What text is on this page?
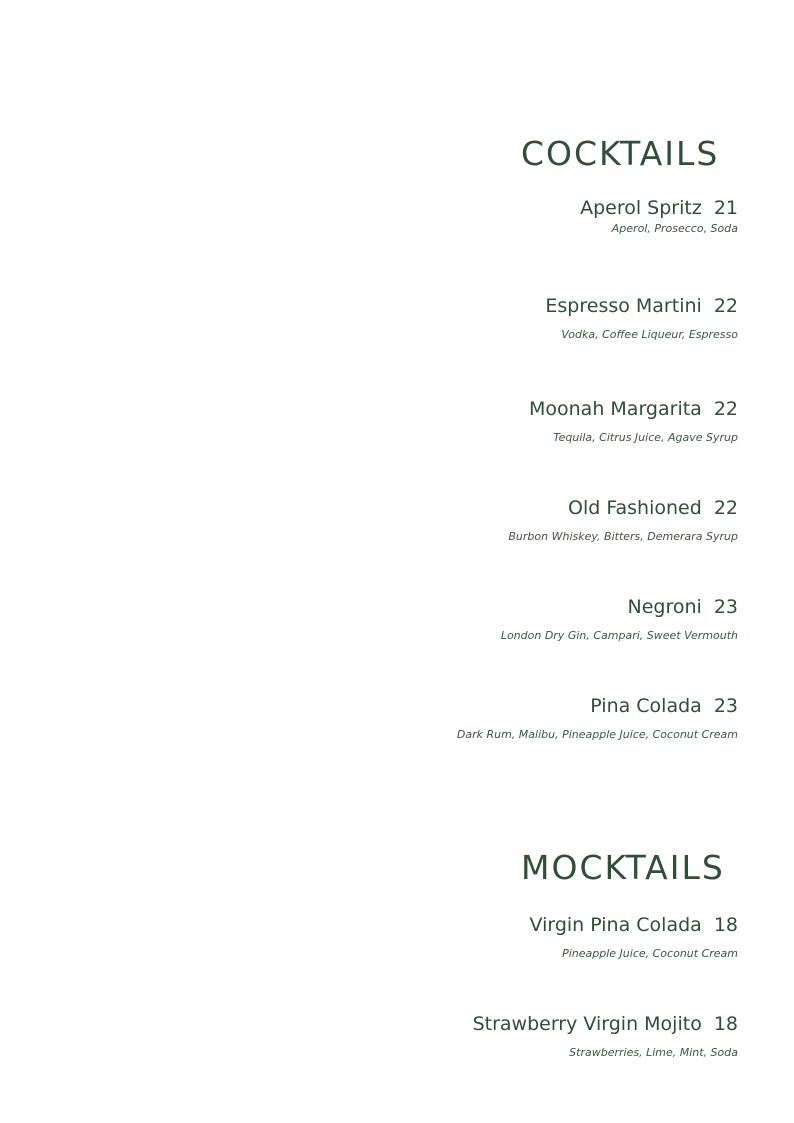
COCKTAILS
Aperol Spritz 21
Aperol, Prosecco, Soda
Espresso Martini 22
Vodka, Coffee Liqueur, Espresso
Moonah Margarita 22
Tequila, Citrus Juice, Agave Syrup
Old Fashioned 22
Burbon Whiskey, Bitters, Demerara Syrup
Negroni 23
London Dry Gin, Campari, Sweet Vermouth
Pina Colada 23
Dark Rum, Malibu, Pineapple Juice, Coconut Cream
MOCKTAILS
Virgin Pina Colada 18
Pineapple Juice, Coconut Cream
Strawberry Virgin Mojito 18
Strawberries, Lime, Mint, Soda
